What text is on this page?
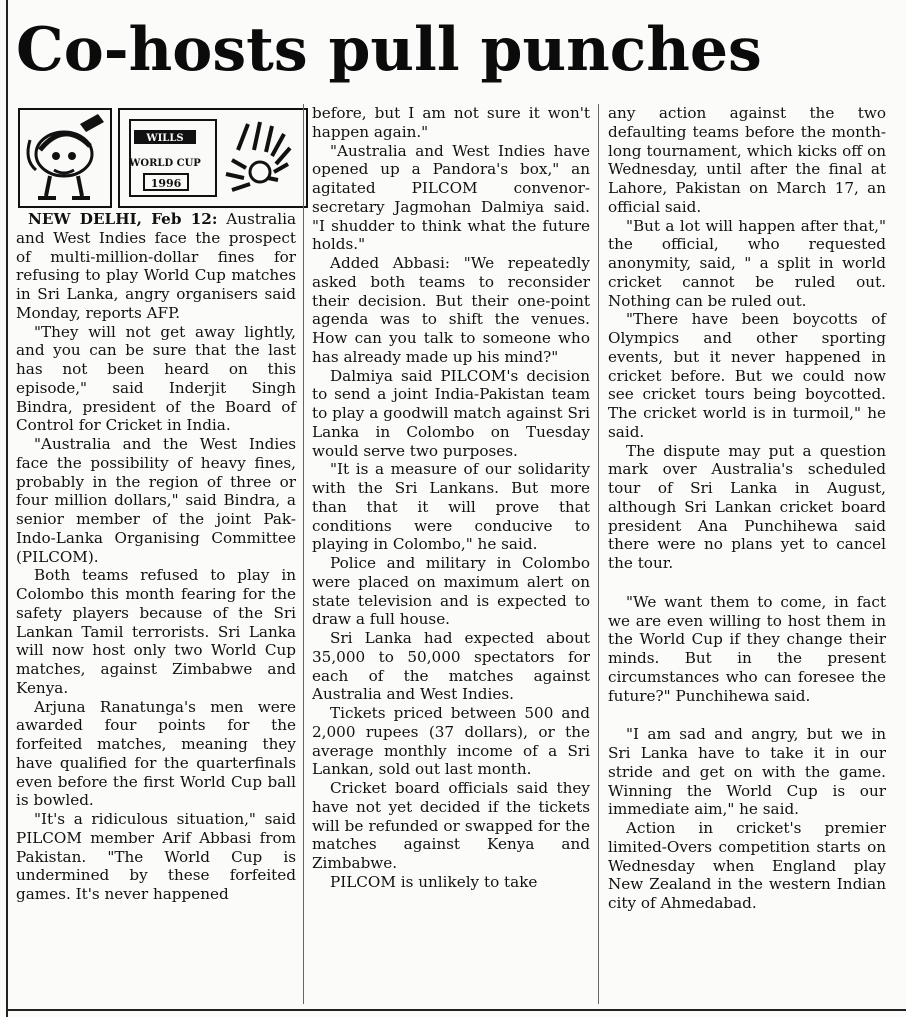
Co-hosts pull punches
WILLS
WORLD CUP
1996

NEW DELHI, Feb 12: Australia and West Indies face the prospect of multi-million-dollar fines for refusing to play World Cup matches in Sri Lanka, angry organisers said Monday, reports AFP.

"They will not get away lightly, and you can be sure that the last has not been heard on this episode," said Inderjit Singh Bindra, president of the Board of Control for Cricket in India.

"Australia and the West Indies face the possibility of heavy fines, probably in the region of three or four million dollars," said Bindra, a senior member of the joint Pak-Indo-Lanka Organising Committee (PILCOM).

Both teams refused to play in Colombo this month fearing for the safety players because of the Sri Lankan Tamil terrorists. Sri Lanka will now host only two World Cup matches, against Zimbabwe and Kenya.

Arjuna Ranatunga's men were awarded four points for the forfeited matches, meaning they have qualified for the quarterfinals even before the first World Cup ball is bowled.

"It's a ridiculous situation," said PILCOM member Arif Abbasi from Pakistan. "The World Cup is undermined by these forfeited games. It's never happened

before, but I am not sure it won't happen again."

"Australia and West Indies have opened up a Pandora's box," an agitated PILCOM convenor-secretary Jagmohan Dalmiya said. "I shudder to think what the future holds."

Added Abbasi: "We repeatedly asked both teams to reconsider their decision. But their one-point agenda was to shift the venues. How can you talk to someone who has already made up his mind?"

Dalmiya said PILCOM's decision to send a joint India-Pakistan team to play a goodwill match against Sri Lanka in Colombo on Tuesday would serve two purposes.

"It is a measure of our solidarity with the Sri Lankans. But more than that it will prove that conditions were conducive to playing in Colombo," he said.

Police and military in Colombo were placed on maximum alert on state television and is expected to draw a full house.

Sri Lanka had expected about 35,000 to 50,000 spectators for each of the matches against Australia and West Indies.

Tickets priced between 500 and 2,000 rupees (37 dollars), or the average monthly income of a Sri Lankan, sold out last month.

Cricket board officials said they have not yet decided if the tickets will be refunded or swapped for the matches against Kenya and Zimbabwe.

PILCOM is unlikely to take

any action against the two defaulting teams before the month-long tournament, which kicks off on Wednesday, until after the final at Lahore, Pakistan on March 17, an official said.

"But a lot will happen after that," the official, who requested anonymity, said, " a split in world cricket cannot be ruled out. Nothing can be ruled out.

"There have been boycotts of Olympics and other sporting events, but it never happened in cricket before. But we could now see cricket tours being boycotted. The cricket world is in turmoil," he said.

The dispute may put a question mark over Australia's scheduled tour of Sri Lanka in August, although Sri Lankan cricket board president Ana Punchihewa said there were no plans yet to cancel the tour.

"We want them to come, in fact we are even willing to host them in the World Cup if they change their minds. But in the present circumstances who can foresee the future?" Punchihewa said.

"I am sad and angry, but we in Sri Lanka have to take it in our stride and get on with the game. Winning the World Cup is our immediate aim," he said.

Action in cricket's premier limited-Overs competition starts on Wednesday when England play New Zealand in the western Indian city of Ahmedabad.
